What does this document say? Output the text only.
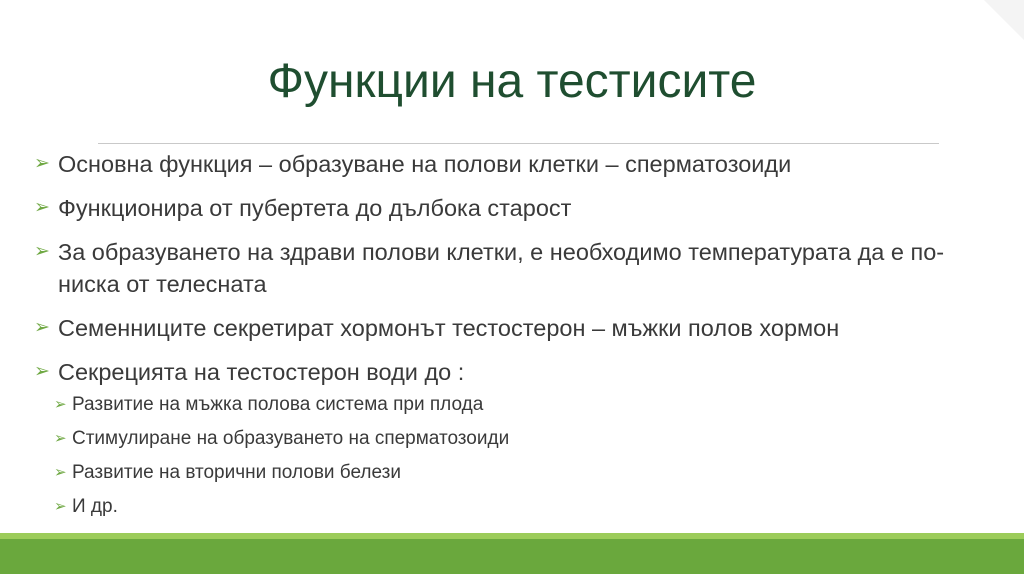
Функции на тестисите
➢ Основна функция – образуване на полови клетки – сперматозоиди
➢ Функционира от пубертета до дълбока старост
➢ За образуването на здрави полови клетки, е необходимо температурата да е по- ниска от телесната
➢ Семенниците секретират хормонът тестостерон – мъжки полов хормон
➢ Секрецията на тестостерон води до :
➢ Развитие на мъжка полова система при плода
➢ Стимулиране на образуването на сперматозоиди
➢ Развитие на вторични полови белези
➢ И др.
